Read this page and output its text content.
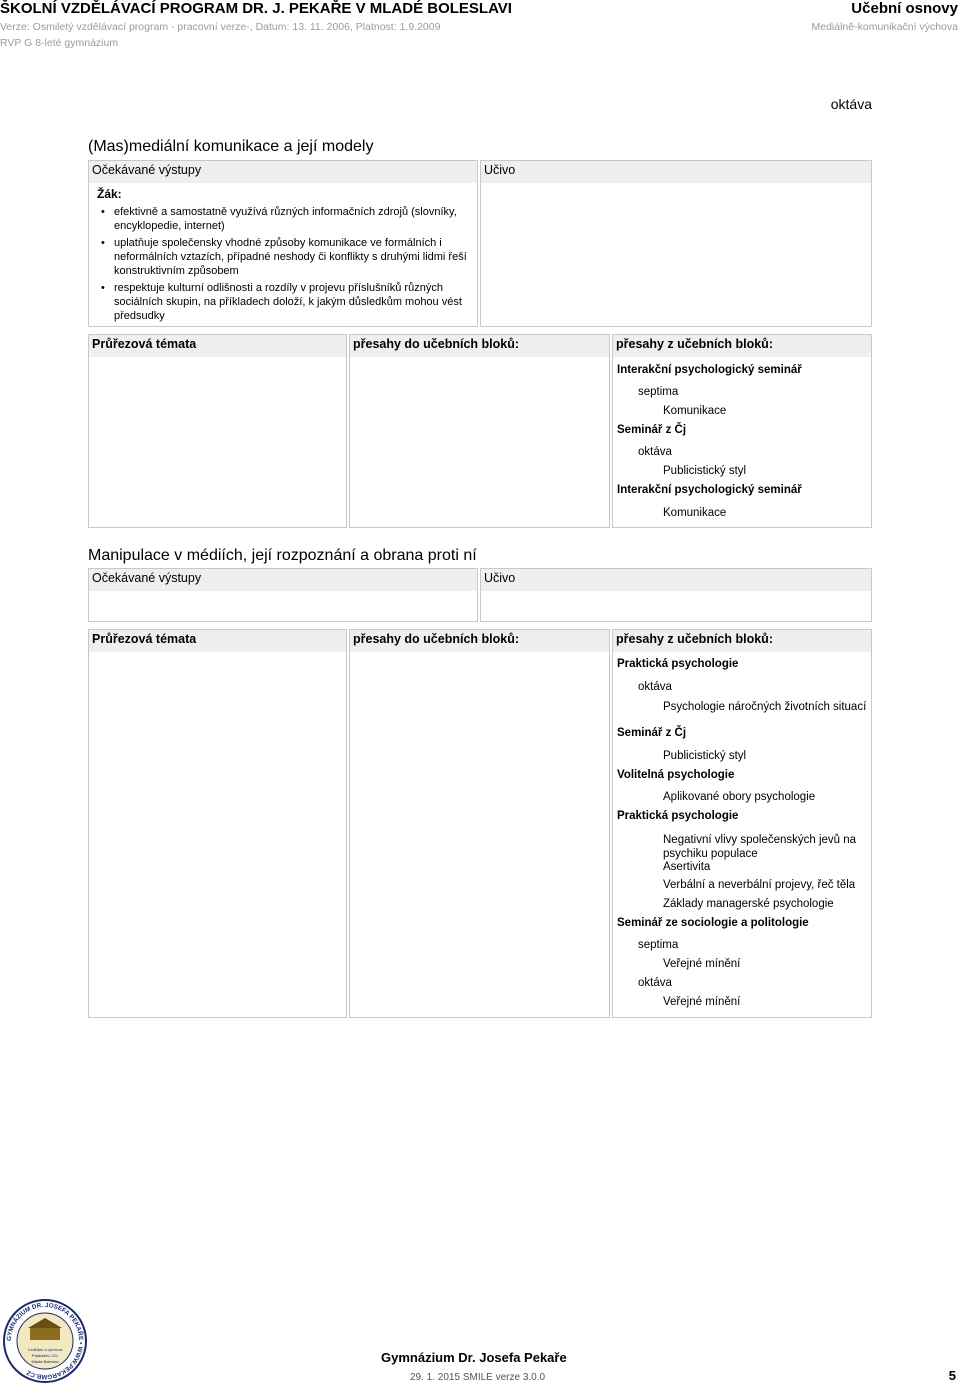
ŠKOLNÍ VZDĚLÁVACÍ PROGRAM DR. J. PEKAŘE V MLADÉ BOLESLAVI	Učební osnovy
Verze: Osmiletý vzdělávací program - pracovní verze-, Datum: 13. 11. 2006, Platnost: 1.9.2009	Mediálně-komunikační výchova
RVP G 8-leté gymnázium
oktáva
(Mas)mediální komunikace a její modely
Očekávané výstupy
Žák:
• efektivně a samostatně využívá různých informačních zdrojů (slovníky, encyklopedie, internet)
• uplatňuje společensky vhodné způsoby komunikace ve formálních i neformálních vztazích, případné neshody či konflikty s druhými lidmi řeší konstruktivním způsobem
• respektuje kulturní odlišnosti a rozdíly v projevu příslušníků různých sociálních skupin, na příkladech doloží, k jakým důsledkům mohou vést předsudky
Učivo
Průřezová témata	přesahy do učebních bloků:	přesahy z učebních bloků:
Interakční psychologický seminář
septima
Komunikace
Seminář z Čj
oktáva
Publicistický styl
Interakční psychologický seminář
Komunikace
Manipulace v médiích, její rozpoznání a obrana proti ní
Očekávané výstupy	Učivo
Průřezová témata	přesahy do učebních bloků:	přesahy z učebních bloků:
Praktická psychologie
oktáva
Psychologie náročných životních situací
Seminář z Čj
Publicistický styl
Volitelná psychologie
Aplikované obory psychologie
Praktická psychologie
Negativní vlivy společenských jevů na psychiku populace
Asertivita
Verbální a neverbální projevy, řeč těla
Základy managerské psychologie
Seminář ze sociologie a politologie
septima
Veřejné mínění
oktáva
Veřejné mínění
GYMNÁZIUM DR. JOSEFA PEKAŘE • WWW.PEKARGMB.CZ
Vzdělání a výchova
Palackého 211
Mladá Boleslav	Gymnázium Dr. Josefa Pekaře
29. 1. 2015 SMILE verze 3.0.0	5
